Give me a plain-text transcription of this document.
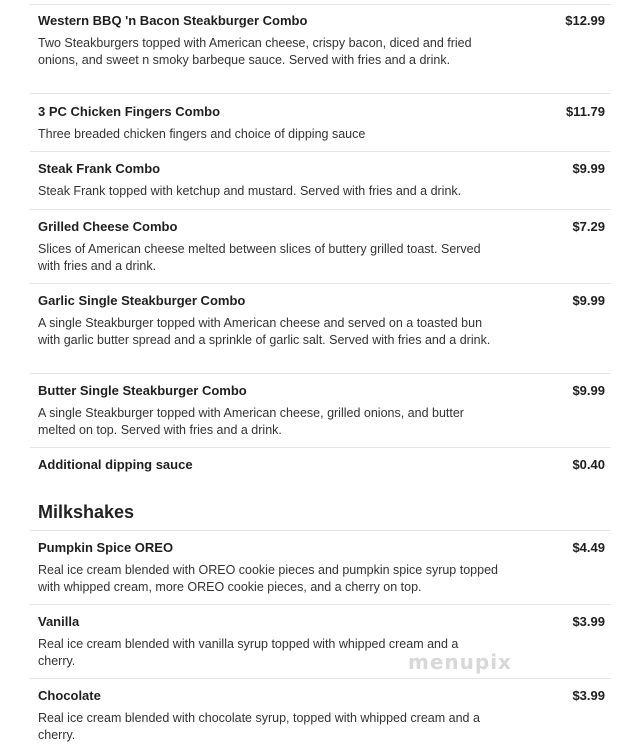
Western BBQ 'n Bacon Steakburger Combo	$12.99
Two Steakburgers topped with American cheese, crispy bacon, diced and fried onions, and sweet n smoky barbeque sauce. Served with fries and a drink.
3 PC Chicken Fingers Combo	$11.79
Three breaded chicken fingers and choice of dipping sauce
Steak Frank Combo	$9.99
Steak Frank topped with ketchup and mustard. Served with fries and a drink.
Grilled Cheese Combo	$7.29
Slices of American cheese melted between slices of buttery grilled toast. Served with fries and a drink.
Garlic Single Steakburger Combo	$9.99
A single Steakburger topped with American cheese and served on a toasted bun with garlic butter spread and a sprinkle of garlic salt. Served with fries and a drink.
Butter Single Steakburger Combo	$9.99
A single Steakburger topped with American cheese, grilled onions, and butter melted on top. Served with fries and a drink.
Additional dipping sauce	$0.40
Milkshakes
Pumpkin Spice OREO	$4.49
Real ice cream blended with OREO cookie pieces and pumpkin spice syrup topped with whipped cream, more OREO cookie pieces, and a cherry on top.
Vanilla	$3.99
Real ice cream blended with vanilla syrup topped with whipped cream and a cherry.
Chocolate	$3.99
Real ice cream blended with chocolate syrup, topped with whipped cream and a cherry.
menupix
